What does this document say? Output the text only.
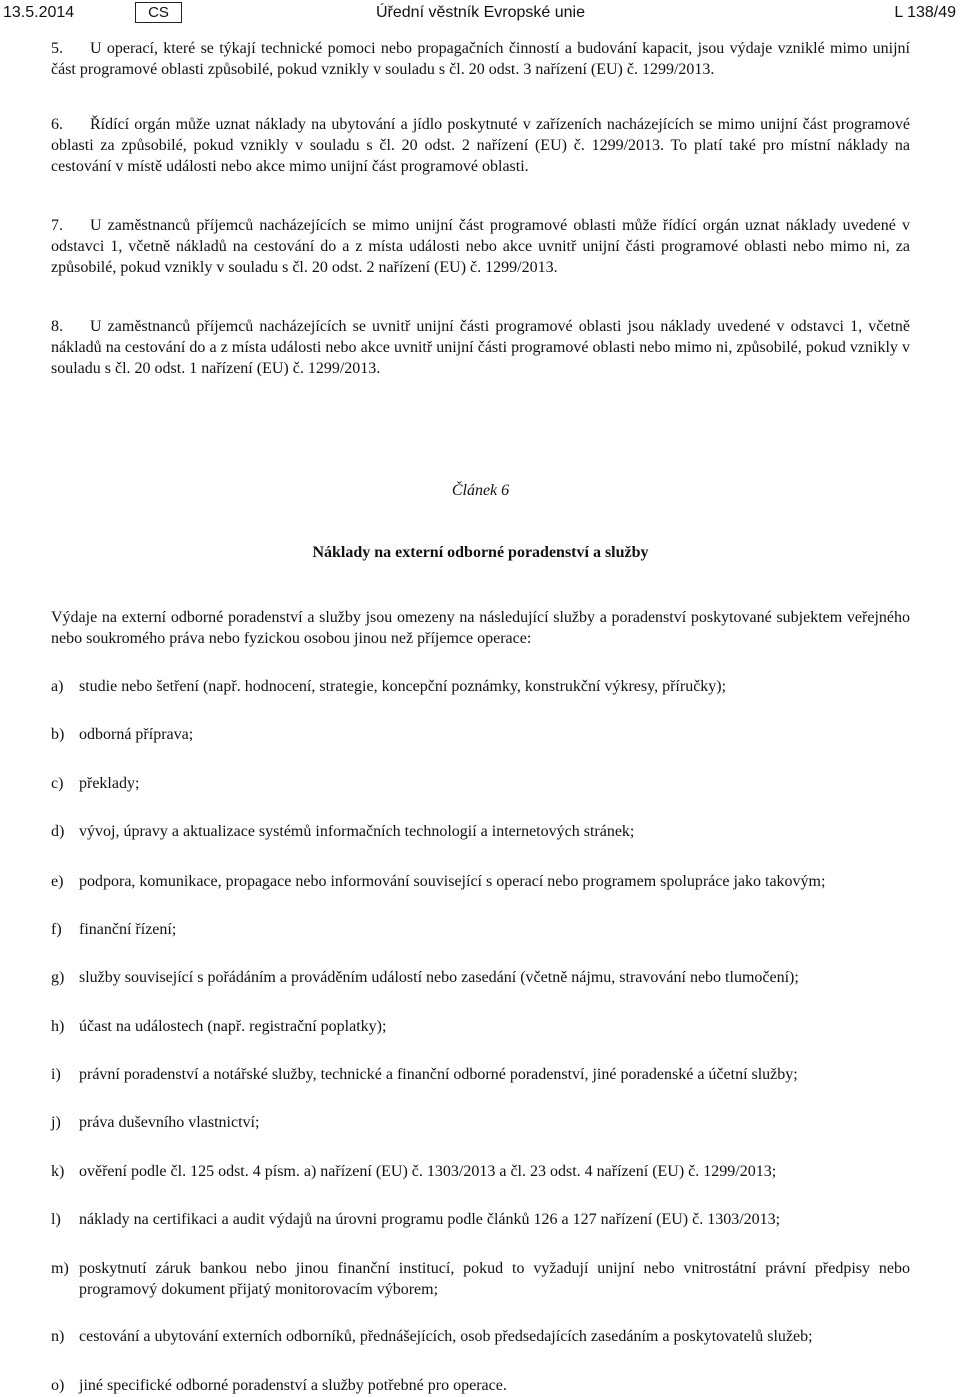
13.5.2014	CS	Úřední věstník Evropské unie	L 138/49

5. U operací, které se týkají technické pomoci nebo propagačních činností a budování kapacit, jsou výdaje vzniklé mimo unijní část programové oblasti způsobilé, pokud vznikly v souladu s čl. 20 odst. 3 nařízení (EU) č. 1299/2013.

6. Řídící orgán může uznat náklady na ubytování a jídlo poskytnuté v zařízeních nacházejících se mimo unijní část programové oblasti za způsobilé, pokud vznikly v souladu s čl. 20 odst. 2 nařízení (EU) č. 1299/2013. To platí také pro místní náklady na cestování v místě události nebo akce mimo unijní část programové oblasti.

7. U zaměstnanců příjemců nacházejících se mimo unijní část programové oblasti může řídící orgán uznat náklady uvedené v odstavci 1, včetně nákladů na cestování do a z místa události nebo akce uvnitř unijní části programové oblasti nebo mimo ni, za způsobilé, pokud vznikly v souladu s čl. 20 odst. 2 nařízení (EU) č. 1299/2013.

8. U zaměstnanců příjemců nacházejících se uvnitř unijní části programové oblasti jsou náklady uvedené v odstavci 1, včetně nákladů na cestování do a z místa události nebo akce uvnitř unijní části programové oblasti nebo mimo ni, způsobilé, pokud vznikly v souladu s čl. 20 odst. 1 nařízení (EU) č. 1299/2013.

Článek 6
Náklady na externí odborné poradenství a služby

Výdaje na externí odborné poradenství a služby jsou omezeny na následující služby a poradenství poskytované subjektem veřejného nebo soukromého práva nebo fyzickou osobou jinou než příjemce operace:

a) studie nebo šetření (např. hodnocení, strategie, koncepční poznámky, konstrukční výkresy, příručky);
b) odborná příprava;
c) překlady;
d) vývoj, úpravy a aktualizace systémů informačních technologií a internetových stránek;
e) podpora, komunikace, propagace nebo informování související s operací nebo programem spolupráce jako takovým;
f)	finanční řízení;
g) služby související s pořádáním a prováděním událostí nebo zasedání (včetně nájmu, stravování nebo tlumočení);
h) účast na událostech (např. registrační poplatky);
i)	právní poradenství a notářské služby, technické a finanční odborné poradenství, jiné poradenské a účetní služby;
j)	práva duševního vlastnictví;
k) ověření podle čl. 125 odst. 4 písm. a) nařízení (EU) č. 1303/2013 a čl. 23 odst. 4 nařízení (EU) č. 1299/2013;
l)	náklady na certifikaci a audit výdajů na úrovni programu podle článků 126 a 127 nařízení (EU) č. 1303/2013;
m) poskytnutí záruk bankou nebo jinou finanční institucí, pokud to vyžadují unijní nebo vnitrostátní právní předpisy nebo programový dokument přijatý monitorovacím výborem;
n) cestování a ubytování externích odborníků, přednášejících, osob předsedajících zasedáním a poskytovatelů služeb;
o) jiné specifické odborné poradenství a služby potřebné pro operace.
